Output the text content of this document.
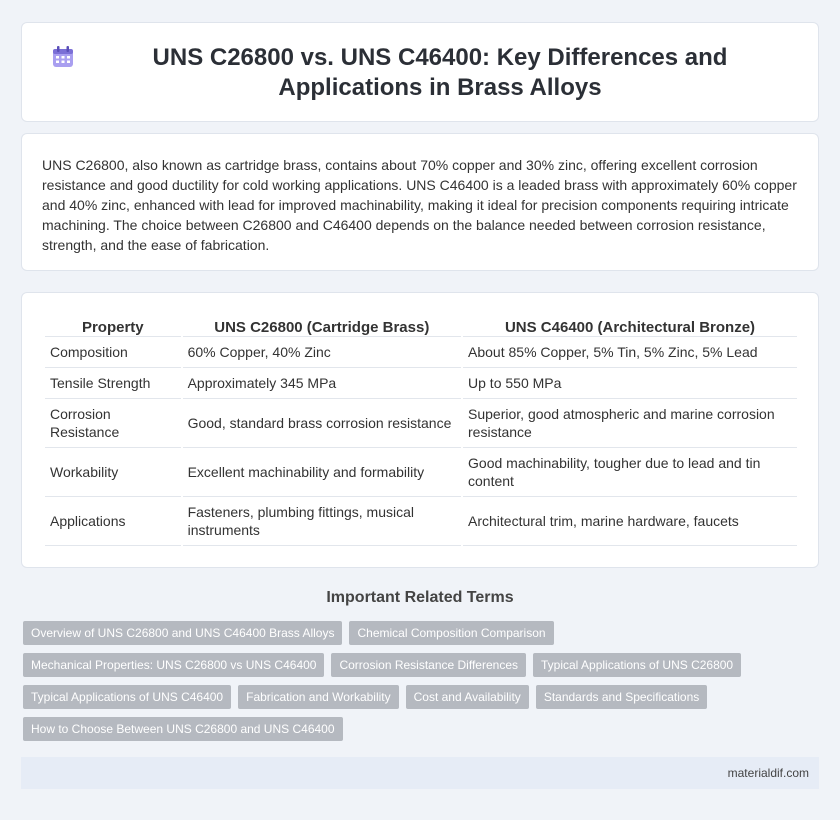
UNS C26800 vs. UNS C46400: Key Differences and Applications in Brass Alloys

UNS C26800, also known as cartridge brass, contains about 70% copper and 30% zinc, offering excellent corrosion resistance and good ductility for cold working applications. UNS C46400 is a leaded brass with approximately 60% copper and 40% zinc, enhanced with lead for improved machinability, making it ideal for precision components requiring intricate machining. The choice between C26800 and C46400 depends on the balance needed between corrosion resistance, strength, and the ease of fabrication.

Property	UNS C26800 (Cartridge Brass)	UNS C46400 (Architectural Bronze)
Composition	60% Copper, 40% Zinc	About 85% Copper, 5% Tin, 5% Zinc, 5% Lead
Tensile Strength	Approximately 345 MPa	Up to 550 MPa
Corrosion Resistance	Good, standard brass corrosion resistance	Superior, good atmospheric and marine corrosion resistance
Workability	Excellent machinability and formability	Good machinability, tougher due to lead and tin content
Applications	Fasteners, plumbing fittings, musical instruments	Architectural trim, marine hardware, faucets
Important Related Terms
Overview of UNS C26800 and UNS C46400 Brass Alloys	Chemical Composition Comparison
Mechanical Properties: UNS C26800 vs UNS C46400	Corrosion Resistance Differences	Typical Applications of UNS C26800
Typical Applications of UNS C46400	Fabrication and Workability	Cost and Availability	Standards and Specifications
How to Choose Between UNS C26800 and UNS C46400
materialdif.com
